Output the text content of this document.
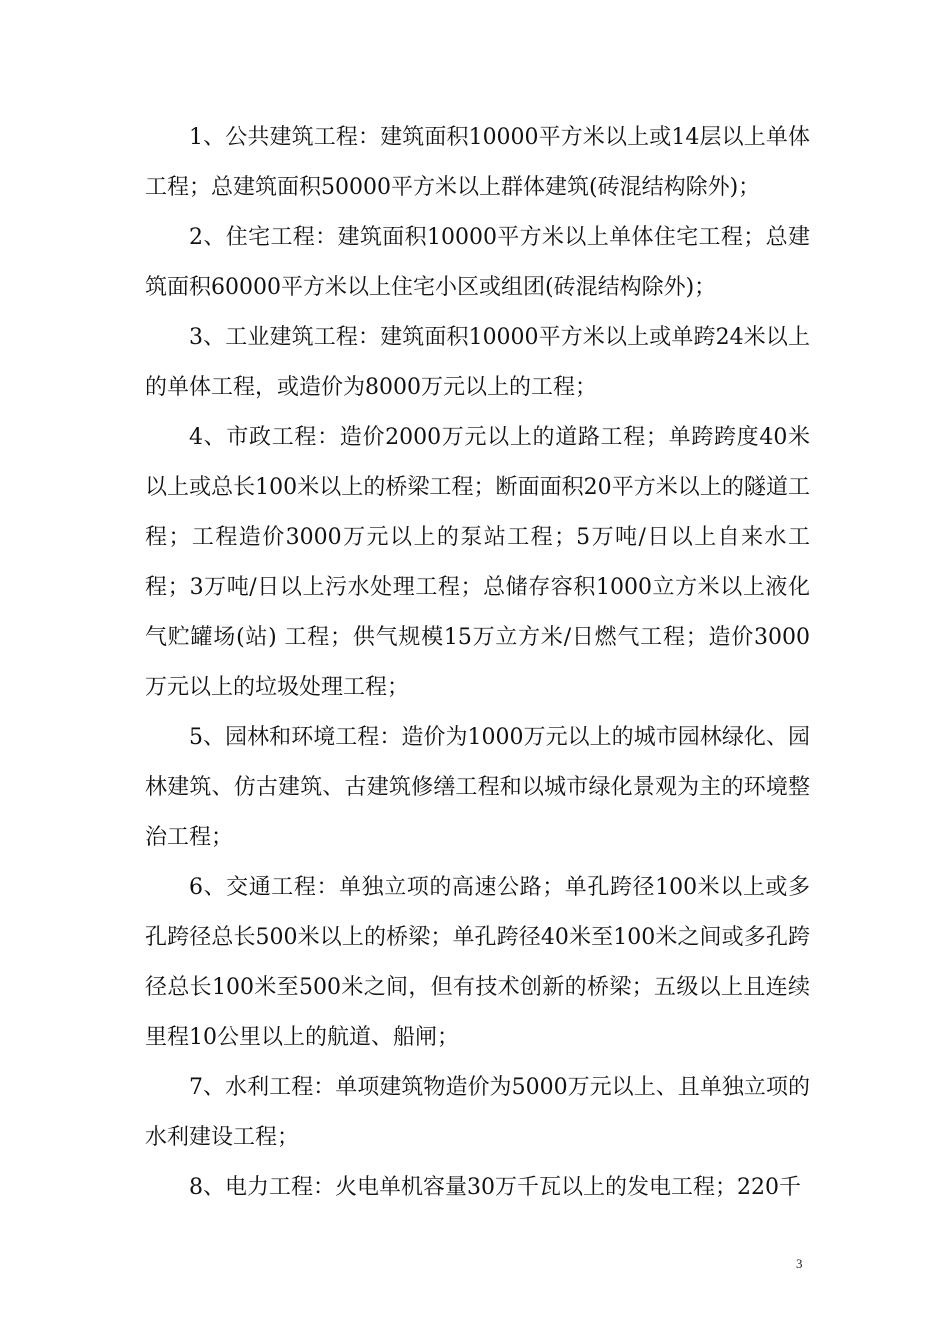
1、公共建筑工程：建筑面积10000平方米以上或14层以上单体工程；总建筑面积50000平方米以上群体建筑(砖混结构除外)；

2、住宅工程：建筑面积10000平方米以上单体住宅工程；总建筑面积60000平方米以上住宅小区或组团(砖混结构除外)；

3、工业建筑工程：建筑面积10000平方米以上或单跨24米以上的单体工程，或造价为8000万元以上的工程；

4、市政工程：造价2000万元以上的道路工程；单跨跨度40米以上或总长100米以上的桥梁工程；断面面积20平方米以上的隧道工程；工程造价3000万元以上的泵站工程；5万吨/日以上自来水工程；3万吨/日以上污水处理工程；总储存容积1000立方米以上液化气贮罐场(站) 工程；供气规模15万立方米/日燃气工程；造价3000万元以上的垃圾处理工程；

5、园林和环境工程：造价为1000万元以上的城市园林绿化、园林建筑、仿古建筑、古建筑修缮工程和以城市绿化景观为主的环境整治工程；

6、交通工程：单独立项的高速公路；单孔跨径100米以上或多孔跨径总长500米以上的桥梁；单孔跨径40米至100米之间或多孔跨径总长100米至500米之间，但有技术创新的桥梁；五级以上且连续里程10公里以上的航道、船闸；

7、水利工程：单项建筑物造价为5000万元以上、且单独立项的水利建设工程；

8、电力工程：火电单机容量30万千瓦以上的发电工程；220千

3
